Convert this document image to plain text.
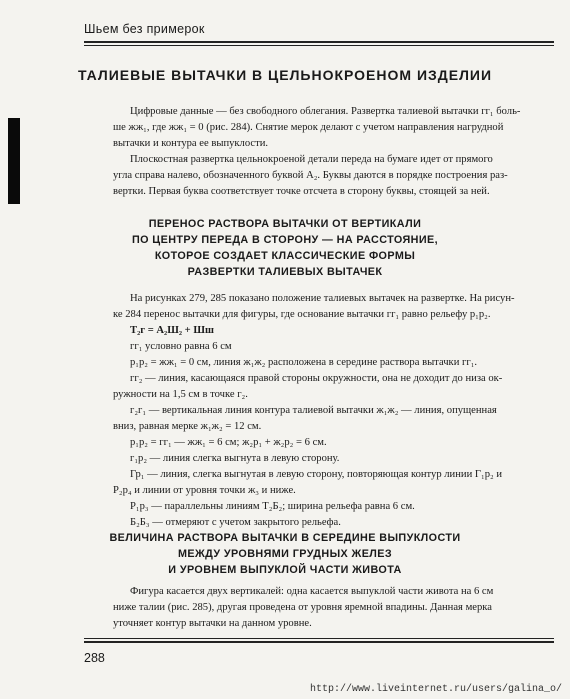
Шьем без примерок
ТАЛИЕВЫЕ ВЫТАЧКИ В ЦЕЛЬНОКРОЕНОМ ИЗДЕЛИИ
Цифровые данные — без свободного облегания. Развертка талиевой вытачки гг₁ боль-
ше жж₁, где жж₁ = 0 (рис. 284). Снятие мерок делают с учетом направления нагрудной
вытачки и контура ее выпуклости.
Плоскостная развертка цельнокроеной детали переда на бумаге идет от прямого
угла справа налево, обозначенного буквой А₂. Буквы даются в порядке построения раз-
вертки. Первая буква соответствует точке отсчета в сторону буквы, стоящей за ней.
ПЕРЕНОС РАСТВОРА ВЫТАЧКИ ОТ ВЕРТИКАЛИ
ПО ЦЕНТРУ ПЕРЕДА В СТОРОНУ — НА РАССТОЯНИЕ,
КОТОРОЕ СОЗДАЕТ КЛАССИЧЕСКИЕ ФОРМЫ
РАЗВЕРТКИ ТАЛИЕВЫХ ВЫТАЧЕК
На рисунках 279, 285 показано положение талиевых вытачек на развертке. На рисун-
ке 284 перенос вытачки для фигуры, где основание вытачки гг₁ равно рельефу р₁р₂.
Т₂г = А₂Ш₂ + Шш
гг₁ условно равна 6 см
р₁р₂ = жж₁ = 0 см, линия ж₁ж₂ расположена в середине раствора вытачки гг₁.
гг₂ — линия, касающаяся правой стороны окружности, она не доходит до низа ок-
ружности на 1,5 см в точке г₂.
г₂г₁ — вертикальная линия контура талиевой вытачки ж₁ж₂ — линия, опущенная
вниз, равная мерке ж₁ж₂ = 12 см.
р₁р₂ = гг₁ — жж₁ = 6 см; ж₂р₁ + ж₂р₂ = 6 см.
г₁р₂ — линия слегка выгнута в левую сторону.
Гр₁ — линия, слегка выгнутая в левую сторону, повторяющая контур линии Г₁р₂ и
Р₂р₄ и линии от уровня точки ж₃ и ниже.
Р₁р₃ — параллельны линиям Т₂Б₂; ширина рельефа равна 6 см.
Б₂Б₃ — отмеряют с учетом закрытого рельефа.
ВЕЛИЧИНА РАСТВОРА ВЫТАЧКИ В СЕРЕДИНЕ ВЫПУКЛОСТИ
МЕЖДУ УРОВНЯМИ ГРУДНЫХ ЖЕЛЕЗ
И УРОВНЕМ ВЫПУКЛОЙ ЧАСТИ ЖИВОТА
Фигура касается двух вертикалей: одна касается выпуклой части живота на 6 см
ниже талии (рис. 285), другая проведена от уровня яремной впадины. Данная мерка
уточняет контур вытачки на данном уровне.
288
http://www.liveinternet.ru/users/galina_o/
